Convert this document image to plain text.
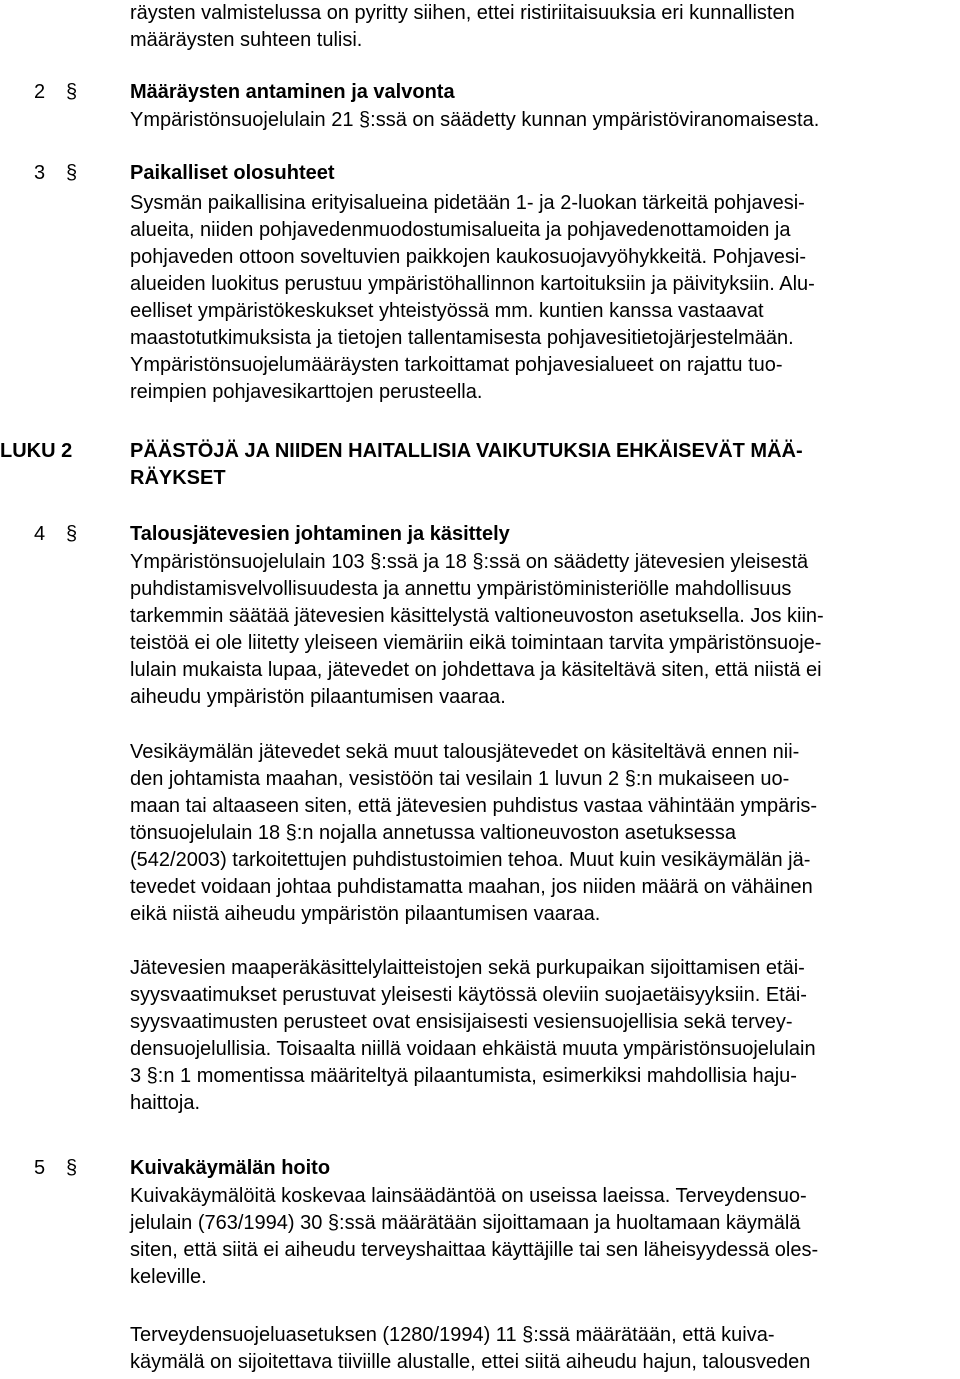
räysten valmistelussa on pyritty siihen, ettei ristiriitaisuuksia eri kunnallisten
määräysten suhteen tulisi.
2 §	Määräysten antaminen ja valvonta
Ympäristönsuojelulain 21 §:ssä on säädetty kunnan ympäristöviranomaisesta.
3 §	Paikalliset olosuhteet
Sysmän paikallisina erityisalueina pidetään 1- ja 2-luokan tärkeitä pohjavesi-
alueita, niiden pohjavedenmuodostumisalueita ja pohjavedenottamoiden ja
pohjaveden ottoon soveltuvien paikkojen kaukosuojavyöhykkeitä. Pohjavesi-
alueiden luokitus perustuu ympäristöhallinnon kartoituksiin ja päivityksiin. Alu-
eelliset ympäristökeskukset yhteistyössä mm. kuntien kanssa vastaavat
maastotutkimuksista ja tietojen tallentamisesta pohjavesitietojärjestelmään.
Ympäristönsuojelumääräysten tarkoittamat pohjavesialueet on rajattu tuo-
reimpien pohjavesikarttojen perusteella.
LUKU 2	PÄÄSTÖJÄ JA NIIDEN HAITALLISIA VAIKUTUKSIA EHKÄISEVÄT MÄÄ-
RÄYKSET
4 §	Talousjätevesien johtaminen ja käsittely
Ympäristönsuojelulain 103 §:ssä ja 18 §:ssä on säädetty jätevesien yleisestä
puhdistamisvelvollisuudesta ja annettu ympäristöministeriölle mahdollisuus
tarkemmin säätää jätevesien käsittelystä valtioneuvoston asetuksella. Jos kiin-
teistöä ei ole liitetty yleiseen viemäriin eikä toimintaan tarvita ympäristönsuoje-
lulain mukaista lupaa, jätevedet on johdettava ja käsiteltävä siten, että niistä ei
aiheudu ympäristön pilaantumisen vaaraa.
Vesikäymälän jätevedet sekä muut talousjätevedet on käsiteltävä ennen nii-
den johtamista maahan, vesistöön tai vesilain 1 luvun 2 §:n mukaiseen uo-
maan tai altaaseen siten, että jätevesien puhdistus vastaa vähintään ympäris-
tönsuojelulain 18 §:n nojalla annetussa valtioneuvoston asetuksessa
(542/2003) tarkoitettujen puhdistustoimien tehoa. Muut kuin vesikäymälän jä-
tevedet voidaan johtaa puhdistamatta maahan, jos niiden määrä on vähäinen
eikä niistä aiheudu ympäristön pilaantumisen vaaraa.
Jätevesien maaperäkäsittelylaitteistojen sekä purkupaikan sijoittamisen etäi-
syysvaatimukset perustuvat yleisesti käytössä oleviin suojaetäisyyksiin. Etäi-
syysvaatimusten perusteet ovat ensisijaisesti vesiensuojellisia sekä tervey-
densuojelullisia. Toisaalta niillä voidaan ehkäistä muuta ympäristönsuojelulain
3 §:n 1 momentissa määriteltyä pilaantumista, esimerkiksi mahdollisia haju-
haittoja.
5 §	Kuivakäymälän hoito
Kuivakäymälöitä koskevaa lainsäädäntöä on useissa laeissa. Terveydensuo-
jelulain (763/1994) 30 §:ssä määrätään sijoittamaan ja huoltamaan käymälä
siten, että siitä ei aiheudu terveyshaittaa käyttäjille tai sen läheisyydessä oles-
keleville.
Terveydensuojeluasetuksen (1280/1994) 11 §:ssä määrätään, että kuiva-
käymälä on sijoitettava tiiviille alustalle, ettei siitä aiheudu hajun, talousveden
